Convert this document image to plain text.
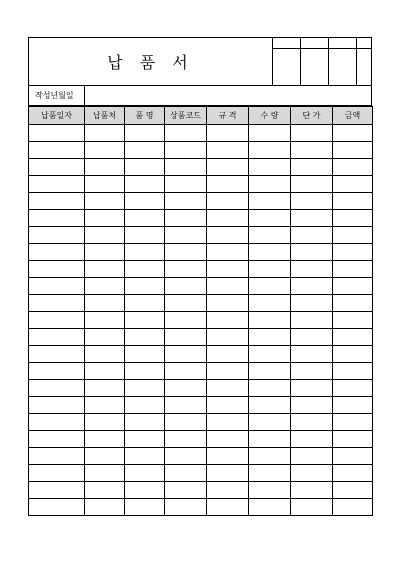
납 품 서

작성년월일
납품일자	납품처	품 명	상품코드	규 격	수 량	단 가	금액
